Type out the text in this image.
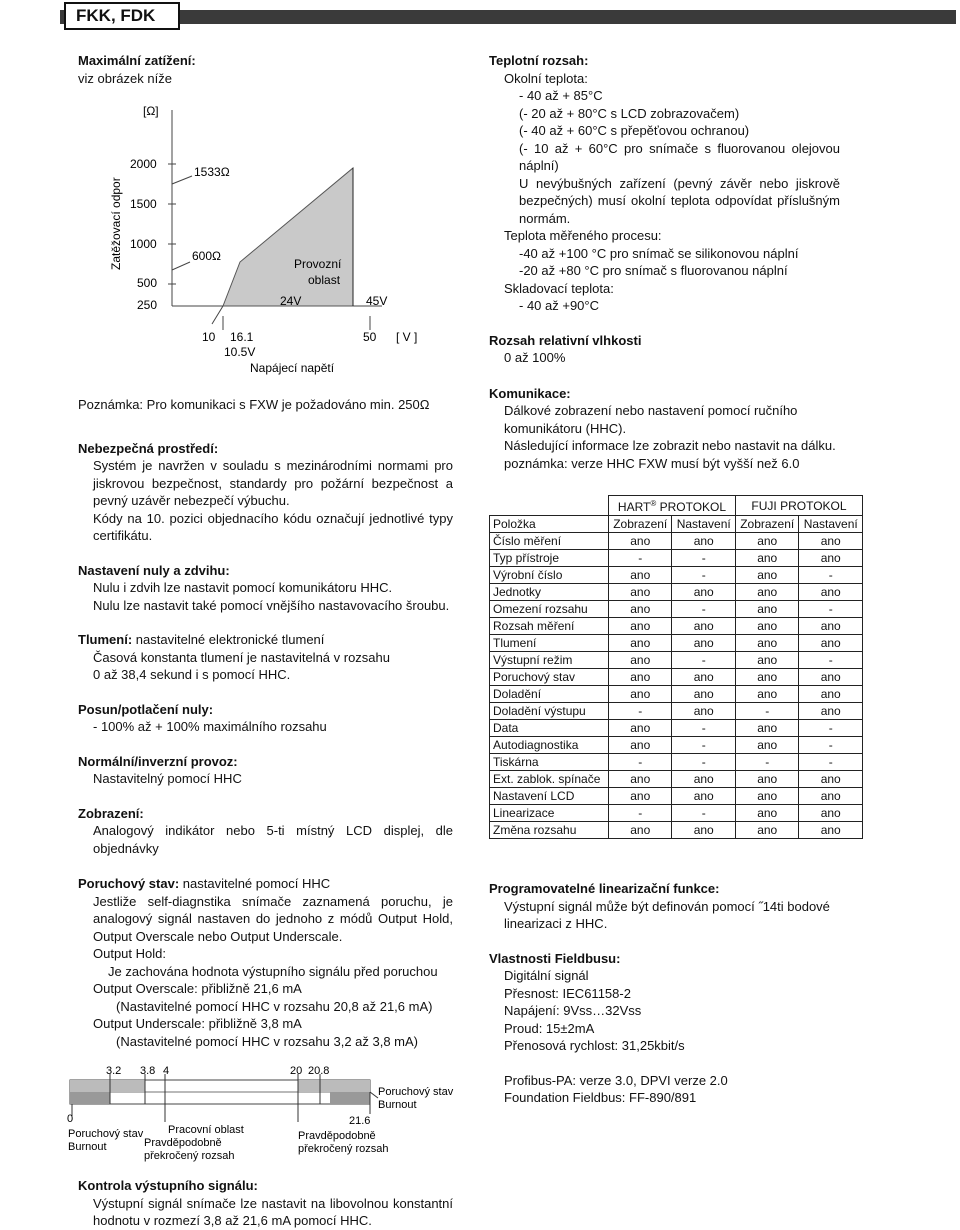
FKK, FDK
Maximální zatížení:

viz obrázek níže

[Ω]
2000
1500
1000
500
250
Zatěžovací odpor
1533Ω
600Ω
Provozní
oblast
24V	45V
10 16.1
10.5V
50 [ V ]
Napájecí napětí

Poznámka: Pro komunikaci s FXW je požadováno min. 250Ω

Nebezpečná prostředí:

Systém je navržen v souladu s mezinárodními normami pro jiskrovou bezpečnost, standardy pro požární bezpečnost a pevný uzávěr nebezpečí výbuchu.

Kódy na 10. pozici objednacího kódu označují jednotlivé typy certifikátu.

Nastavení nuly a zdvihu:

Nulu i zdvih lze nastavit pomocí komunikátoru HHC.

Nulu lze nastavit také pomocí vnějšího nastavovacího šroubu.

Tlumení: nastavitelné elektronické tlumení

Časová konstanta tlumení je nastavitelná v rozsahu

0 až 38,4 sekund i s pomocí HHC.

Posun/potlačení nuly:

- 100% až + 100% maximálního rozsahu

Normální/inverzní provoz:

Nastavitelný pomocí HHC

Zobrazení:

Analogový indikátor nebo 5-ti místný LCD displej, dle objednávky

Poruchový stav: nastavitelné pomocí HHC

Jestliže self-diagnstika snímače zaznamená poruchu, je analogový signál nastaven do jednoho z módů Output Hold, Output Overscale nebo Output Underscale.

Output Hold:

Je zachována hodnota výstupního signálu před poruchou

Output Overscale: přibližně 21,6 mA

(Nastavitelné pomocí HHC v rozsahu 20,8 až 21,6 mA)

Output Underscale: přibližně 3,8 mA

(Nastavitelné pomocí HHC v rozsahu 3,2 až 3,8 mA)

3.2 3.8 4	20 20.8
0	21.6
Poruchový stav
Burnout
Poruchový stav
Burnout
Pracovní oblast
Pravděpodobně
překročený rozsah
Pravděpodobně
překročený rozsah
Kontrola výstupního signálu:

Výstupní signál snímače lze nastavit na libovolnou konstantní hodnotu v rozmezí 3,8 až 21,6 mA pomocí HHC.

Teplotní rozsah:

Okolní teplota:

- 40 až + 85°C

(- 20 až + 80°C s LCD zobrazovačem)

(- 40 až + 60°C s přepěťovou ochranou)

(- 10 až + 60°C pro snímače s fluorovanou olejovou náplní)

U nevýbušných zařízení (pevný závěr nebo jiskrově bezpečných) musí okolní teplota odpovídat příslušným normám.

Teplota měřeného procesu:

-40 až +100 °C pro snímač se silikonovou náplní

-20 až +80 °C pro snímač s fluorovanou náplní

Skladovací teplota:

- 40 až +90°C

Rozsah relativní vlhkosti

0 až 100%

Komunikace:

Dálkové zobrazení nebo nastavení pomocí ručního komunikátoru (HHC).

Následující informace lze zobrazit nebo nastavit na dálku.

poznámka: verze HHC FXW musí být vyšší než 6.0

	HART® PROTOKOL		FUJI PROTOKOL	
Položka	Zobrazení	Nastavení	Zobrazení	Nastavení
Číslo měření	ano	ano	ano	ano
Typ přístroje	-	-	ano	ano
Výrobní číslo	ano	-	ano	-
Jednotky	ano	ano	ano	ano
Omezení rozsahu	ano	-	ano	-
Rozsah měření	ano	ano	ano	ano
Tlumení	ano	ano	ano	ano
Výstupní režim	ano	-	ano	-
Poruchový stav	ano	ano	ano	ano
Doladění	ano	ano	ano	ano
Doladění výstupu	-	ano	-	ano
Data	ano	-	ano	-
Autodiagnostika	ano	-	ano	-
Tiskárna	-	-	-	-
Ext. zablok. spínače	ano	ano	ano	ano
Nastavení LCD	ano	ano	ano	ano
Linearizace	-	-	ano	ano
Změna rozsahu	ano	ano	ano	ano
Programovatelné linearizační funkce:

Výstupní signál může být definován pomocí ˝14ti bodové linearizaci z HHC.

Vlastnosti Fieldbusu:

Digitální signál

Přesnost: IEC61158-2

Napájení: 9Vss…32Vss

Proud: 15±2mA

Přenosová rychlost: 31,25kbit/s

Profibus-PA: verze 3.0, DPVI verze 2.0

Foundation Fieldbus: FF-890/891
